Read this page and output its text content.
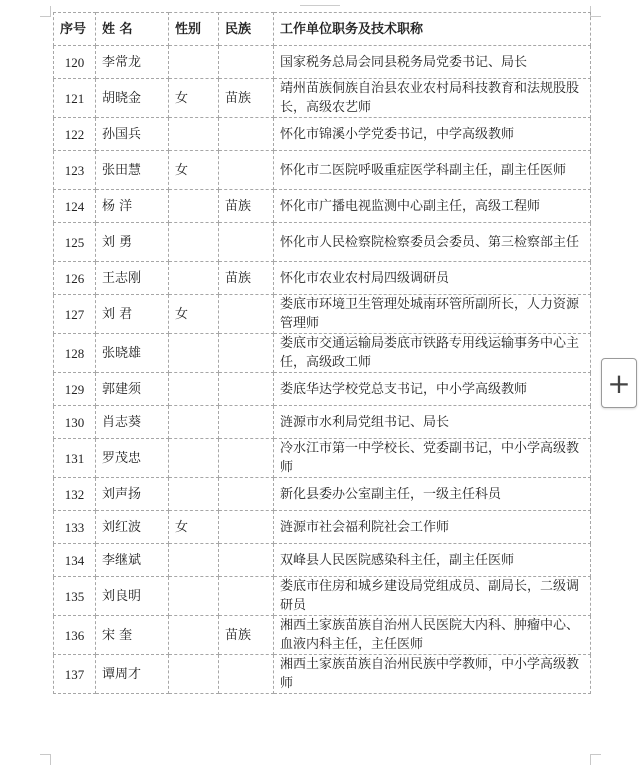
序号	姓 名	性别	民族	工作单位职务及技术职称
120	李常龙			国家税务总局会同县税务局党委书记、局长
121	胡晓金	女	苗族	靖州苗族侗族自治县农业农村局科技教育和法规股股长，高级农艺师
122	孙国兵			怀化市锦溪小学党委书记，中学高级教师
123	张田慧	女		怀化市二医院呼吸重症医学科副主任，副主任医师
124	杨 洋		苗族	怀化市广播电视监测中心副主任，高级工程师
125	刘 勇			怀化市人民检察院检察委员会委员、第三检察部主任
126	王志刚		苗族	怀化市农业农村局四级调研员
127	刘 君	女		娄底市环境卫生管理处城南环管所副所长，人力资源管理师
128	张晓雄			娄底市交通运输局娄底市铁路专用线运输事务中心主任，高级政工师
129	郭建须			娄底华达学校党总支书记，中小学高级教师
130	肖志葵			涟源市水利局党组书记、局长
131	罗茂忠			冷水江市第一中学校长、党委副书记，中小学高级教师
132	刘声扬			新化县委办公室副主任，一级主任科员
133	刘红波	女		涟源市社会福利院社会工作师
134	李继斌			双峰县人民医院感染科主任，副主任医师
135	刘良明			娄底市住房和城乡建设局党组成员、副局长，二级调研员
136	宋 奎		苗族	湘西土家族苗族自治州人民医院大内科、肿瘤中心、血液内科主任，主任医师
137	谭周才			湘西土家族苗族自治州民族中学教师，中小学高级教师
+
